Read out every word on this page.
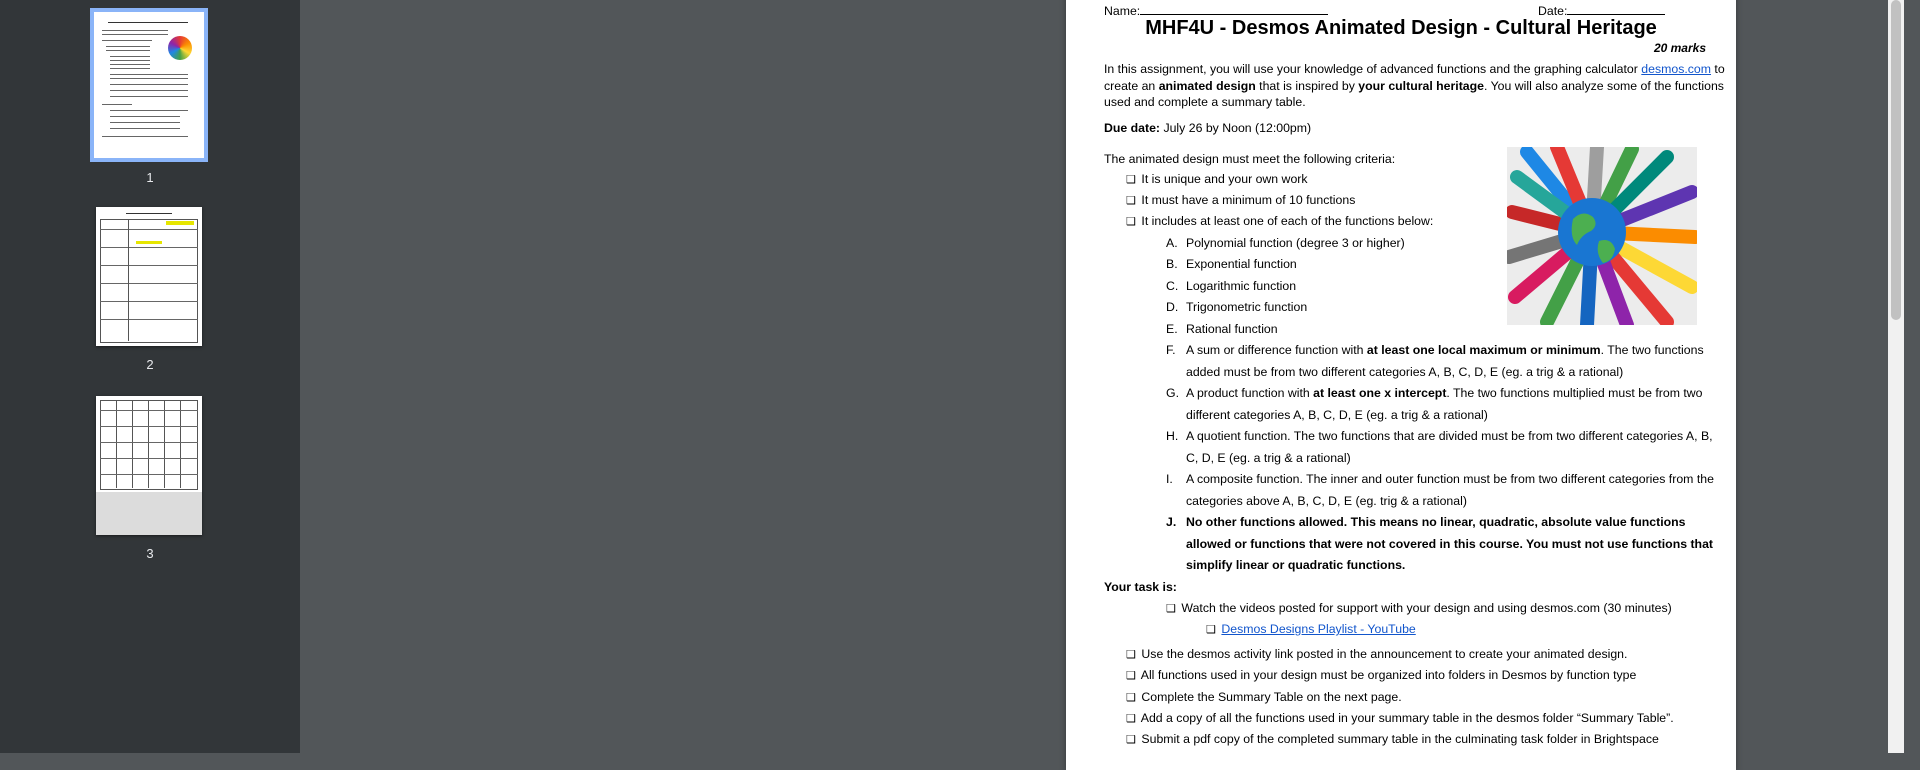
1
2
3
Name:	Date:
MHF4U - Desmos Animated Design - Cultural Heritage
20 marks
In this assignment, you will use your knowledge of advanced functions and the graphing calculator desmos.com to
create an animated design that is inspired by your cultural heritage. You will also analyze some of the functions
used and complete a summary table.
Due date: July 26 by Noon (12:00pm)
The animated design must meet the following criteria:
❑ It is unique and your own work
❑ It must have a minimum of 10 functions
❑ It includes at least one of each of the functions below:
A. Polynomial function (degree 3 or higher)
B. Exponential function
C. Logarithmic function
D. Trigonometric function
E. Rational function
F. A sum or difference function with at least one local maximum or minimum. The two functions
added must be from two different categories A, B, C, D, E (eg. a trig & a rational)
G. A product function with at least one x intercept. The two functions multiplied must be from two
different categories A, B, C, D, E (eg. a trig & a rational)
H. A quotient function. The two functions that are divided must be from two different categories A, B,
C, D, E (eg. a trig & a rational)
I. A composite function. The inner and outer function must be from two different categories from the
categories above A, B, C, D, E (eg. trig & a rational)
J. No other functions allowed. This means no linear, quadratic, absolute value functions
allowed or functions that were not covered in this course. You must not use functions that
simplify linear or quadratic functions.
Your task is:
❑ Watch the videos posted for support with your design and using desmos.com (30 minutes)
❑ Desmos Designs Playlist - YouTube
❑ Use the desmos activity link posted in the announcement to create your animated design.
❑ All functions used in your design must be organized into folders in Desmos by function type
❑ Complete the Summary Table on the next page.
❑ Add a copy of all the functions used in your summary table in the desmos folder “Summary Table”.
❑ Submit a pdf copy of the completed summary table in the culminating task folder in Brightspace
